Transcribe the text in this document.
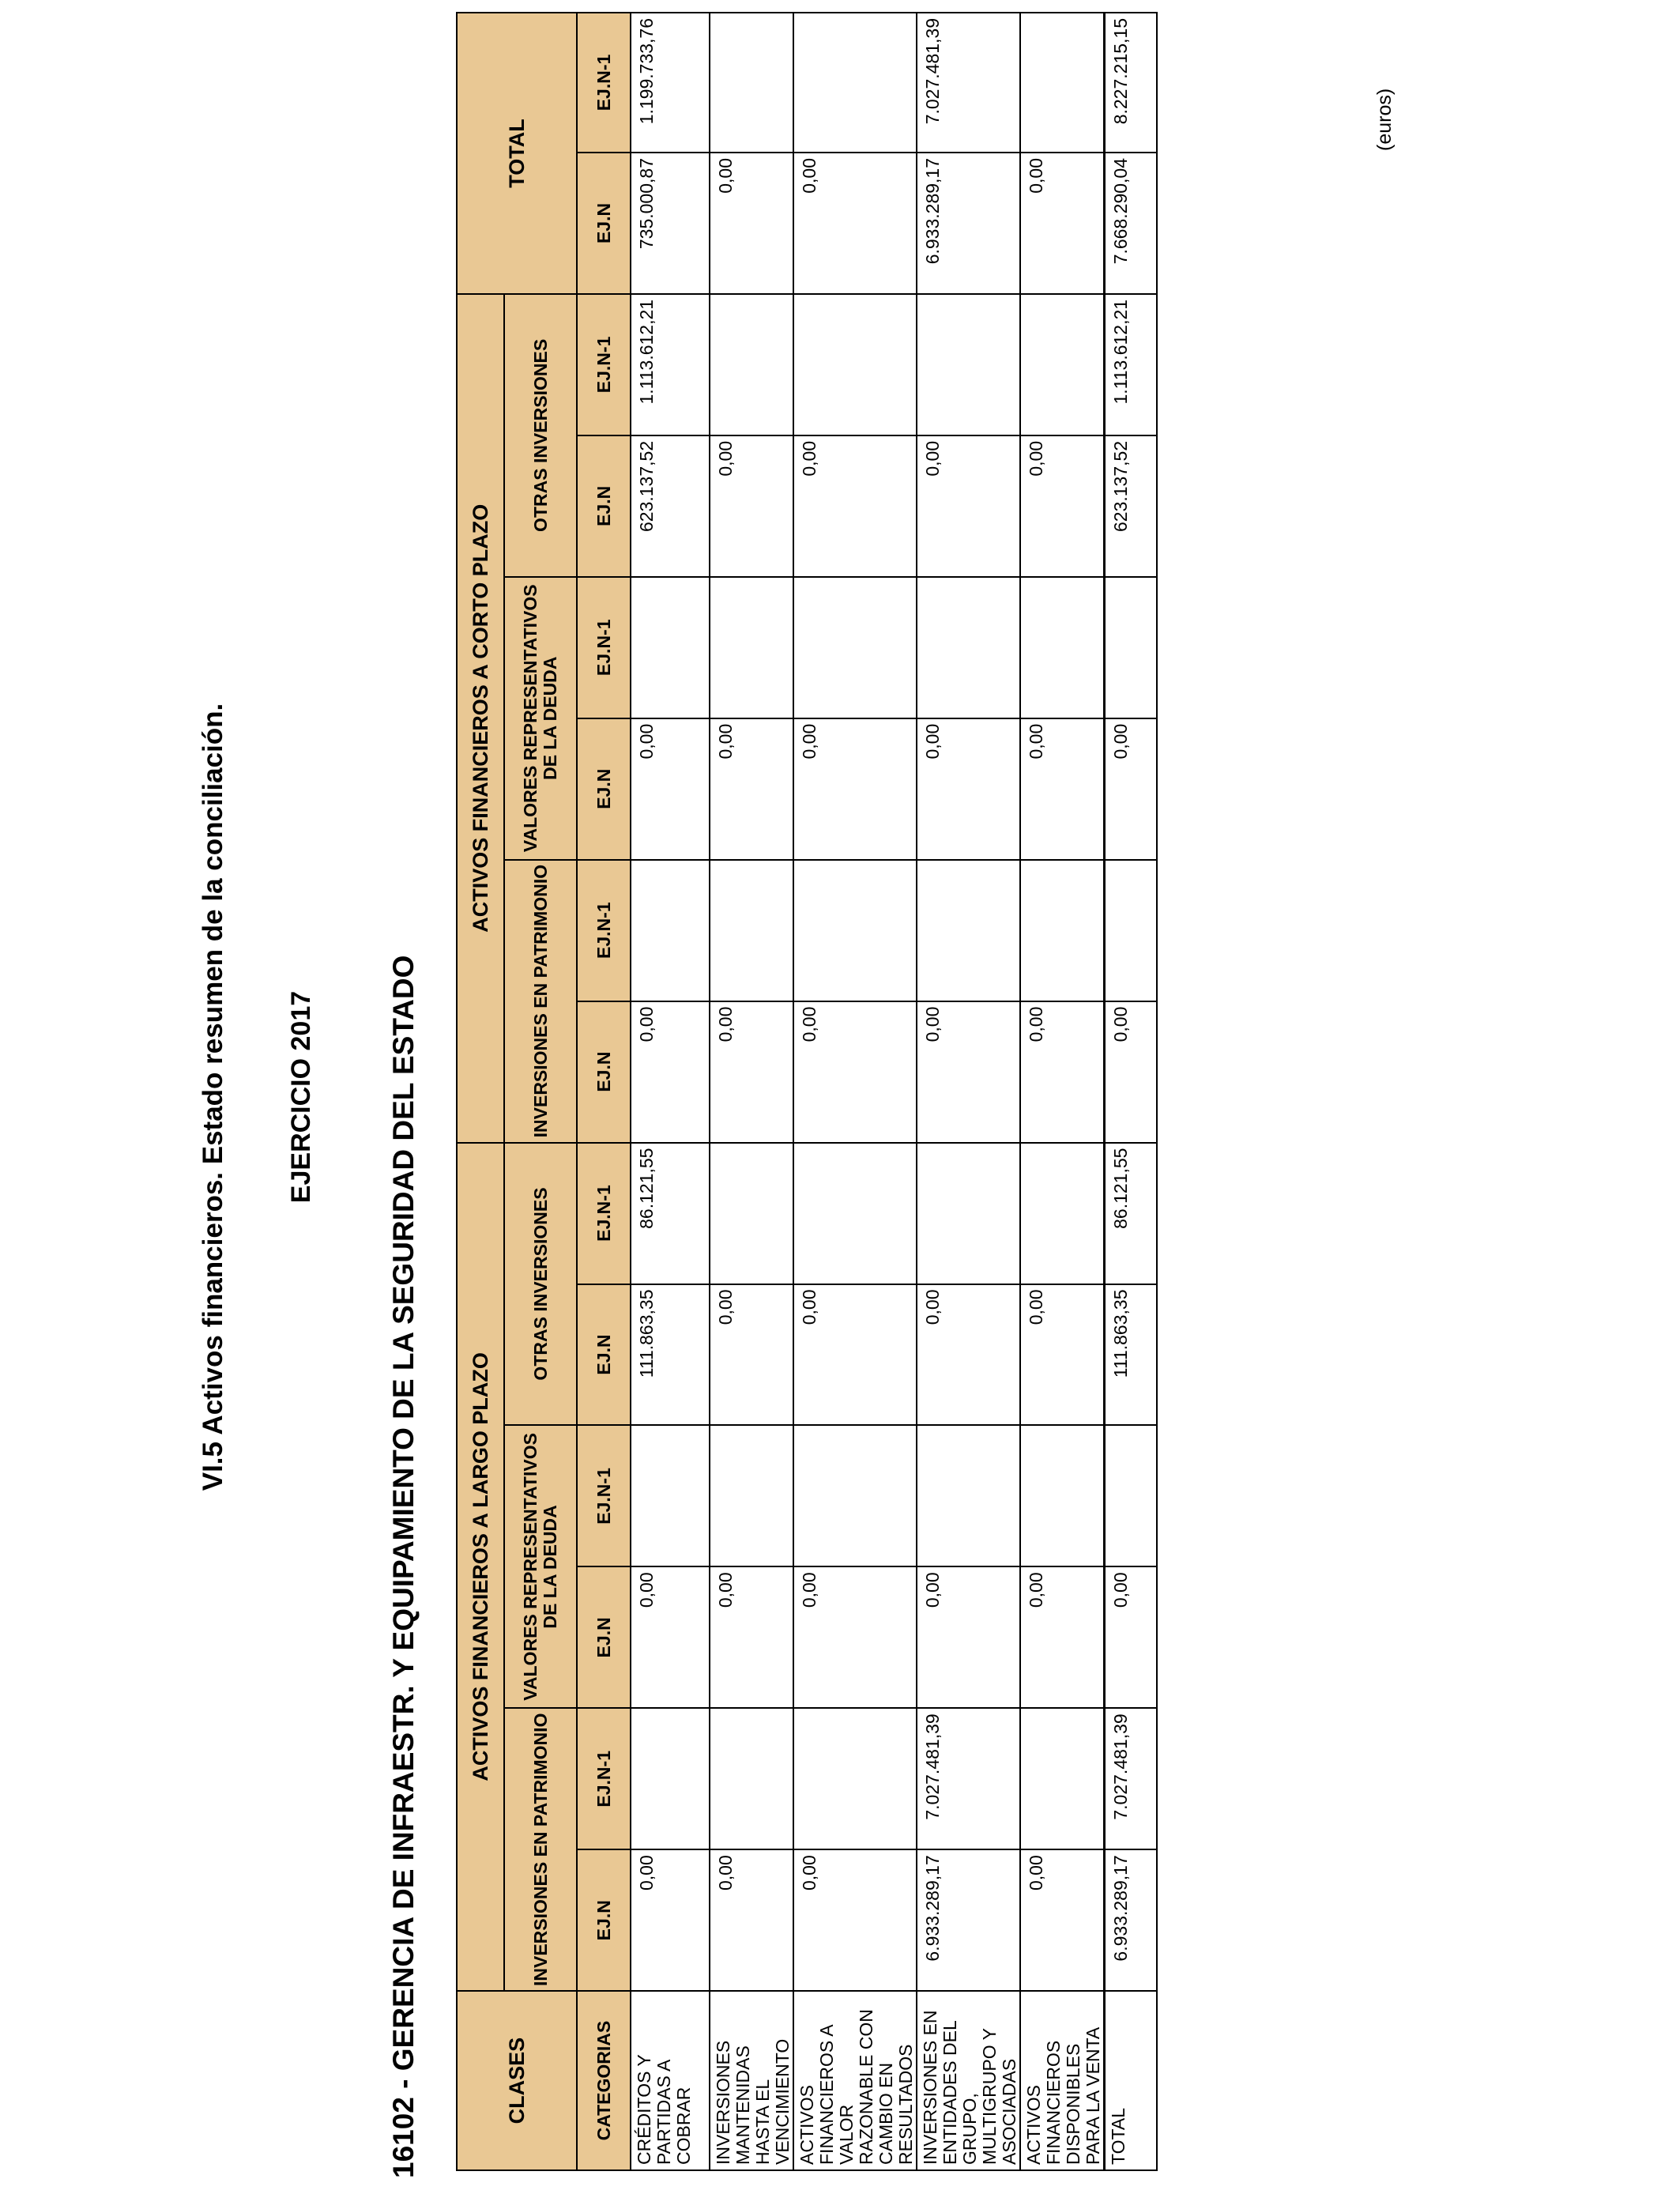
VI.5 Activos financieros. Estado resumen de la conciliación. EJERCICIO 2017 16102 - GERENCIA DE INFRAESTR. Y EQUIPAMIENTO DE LA SEGURIDAD DEL ESTADO
(euros)
CLASES	ACTIVOS FINANCIEROS A LARGO PLAZO						ACTIVOS FINANCIEROS A CORTO PLAZO						TOTAL	
	INVERSIONES EN PATRIMONIO		VALORES REPRESENTATIVOS DE LA DEUDA		OTRAS INVERSIONES		INVERSIONES EN PATRIMONIO		VALORES REPRESENTATIVOS DE LA DEUDA		OTRAS INVERSIONES			
CATEGORIAS	EJ.N	EJ.N-1	EJ.N	EJ.N-1	EJ.N	EJ.N-1	EJ.N	EJ.N-1	EJ.N	EJ.N-1	EJ.N	EJ.N-1	EJ.N	EJ.N-1
CRÉDITOS Y PARTIDAS A COBRAR	0,00		0,00		111.863,35	86.121,55	0,00		0,00		623.137,52	1.113.612,21	735.000,87	1.199.733,76
INVERSIONES MANTENIDAS HASTA EL VENCIMIENTO	0,00		0,00		0,00		0,00		0,00		0,00		0,00	
ACTIVOS FINANCIEROS A VALOR RAZONABLE CON CAMBIO EN RESULTADOS	0,00		0,00		0,00		0,00		0,00		0,00		0,00	
INVERSIONES EN ENTIDADES DEL GRUPO, MULTIGRUPO Y ASOCIADAS	6.933.289,17	7.027.481,39	0,00		0,00		0,00		0,00		0,00		6.933.289,17	7.027.481,39
ACTIVOS FINANCIEROS DISPONIBLES PARA LA VENTA	0,00		0,00		0,00		0,00		0,00		0,00		0,00	
TOTAL	6.933.289,17	7.027.481,39	0,00		111.863,35	86.121,55	0,00		0,00		623.137,52	1.113.612,21	7.668.290,04	8.227.215,15
